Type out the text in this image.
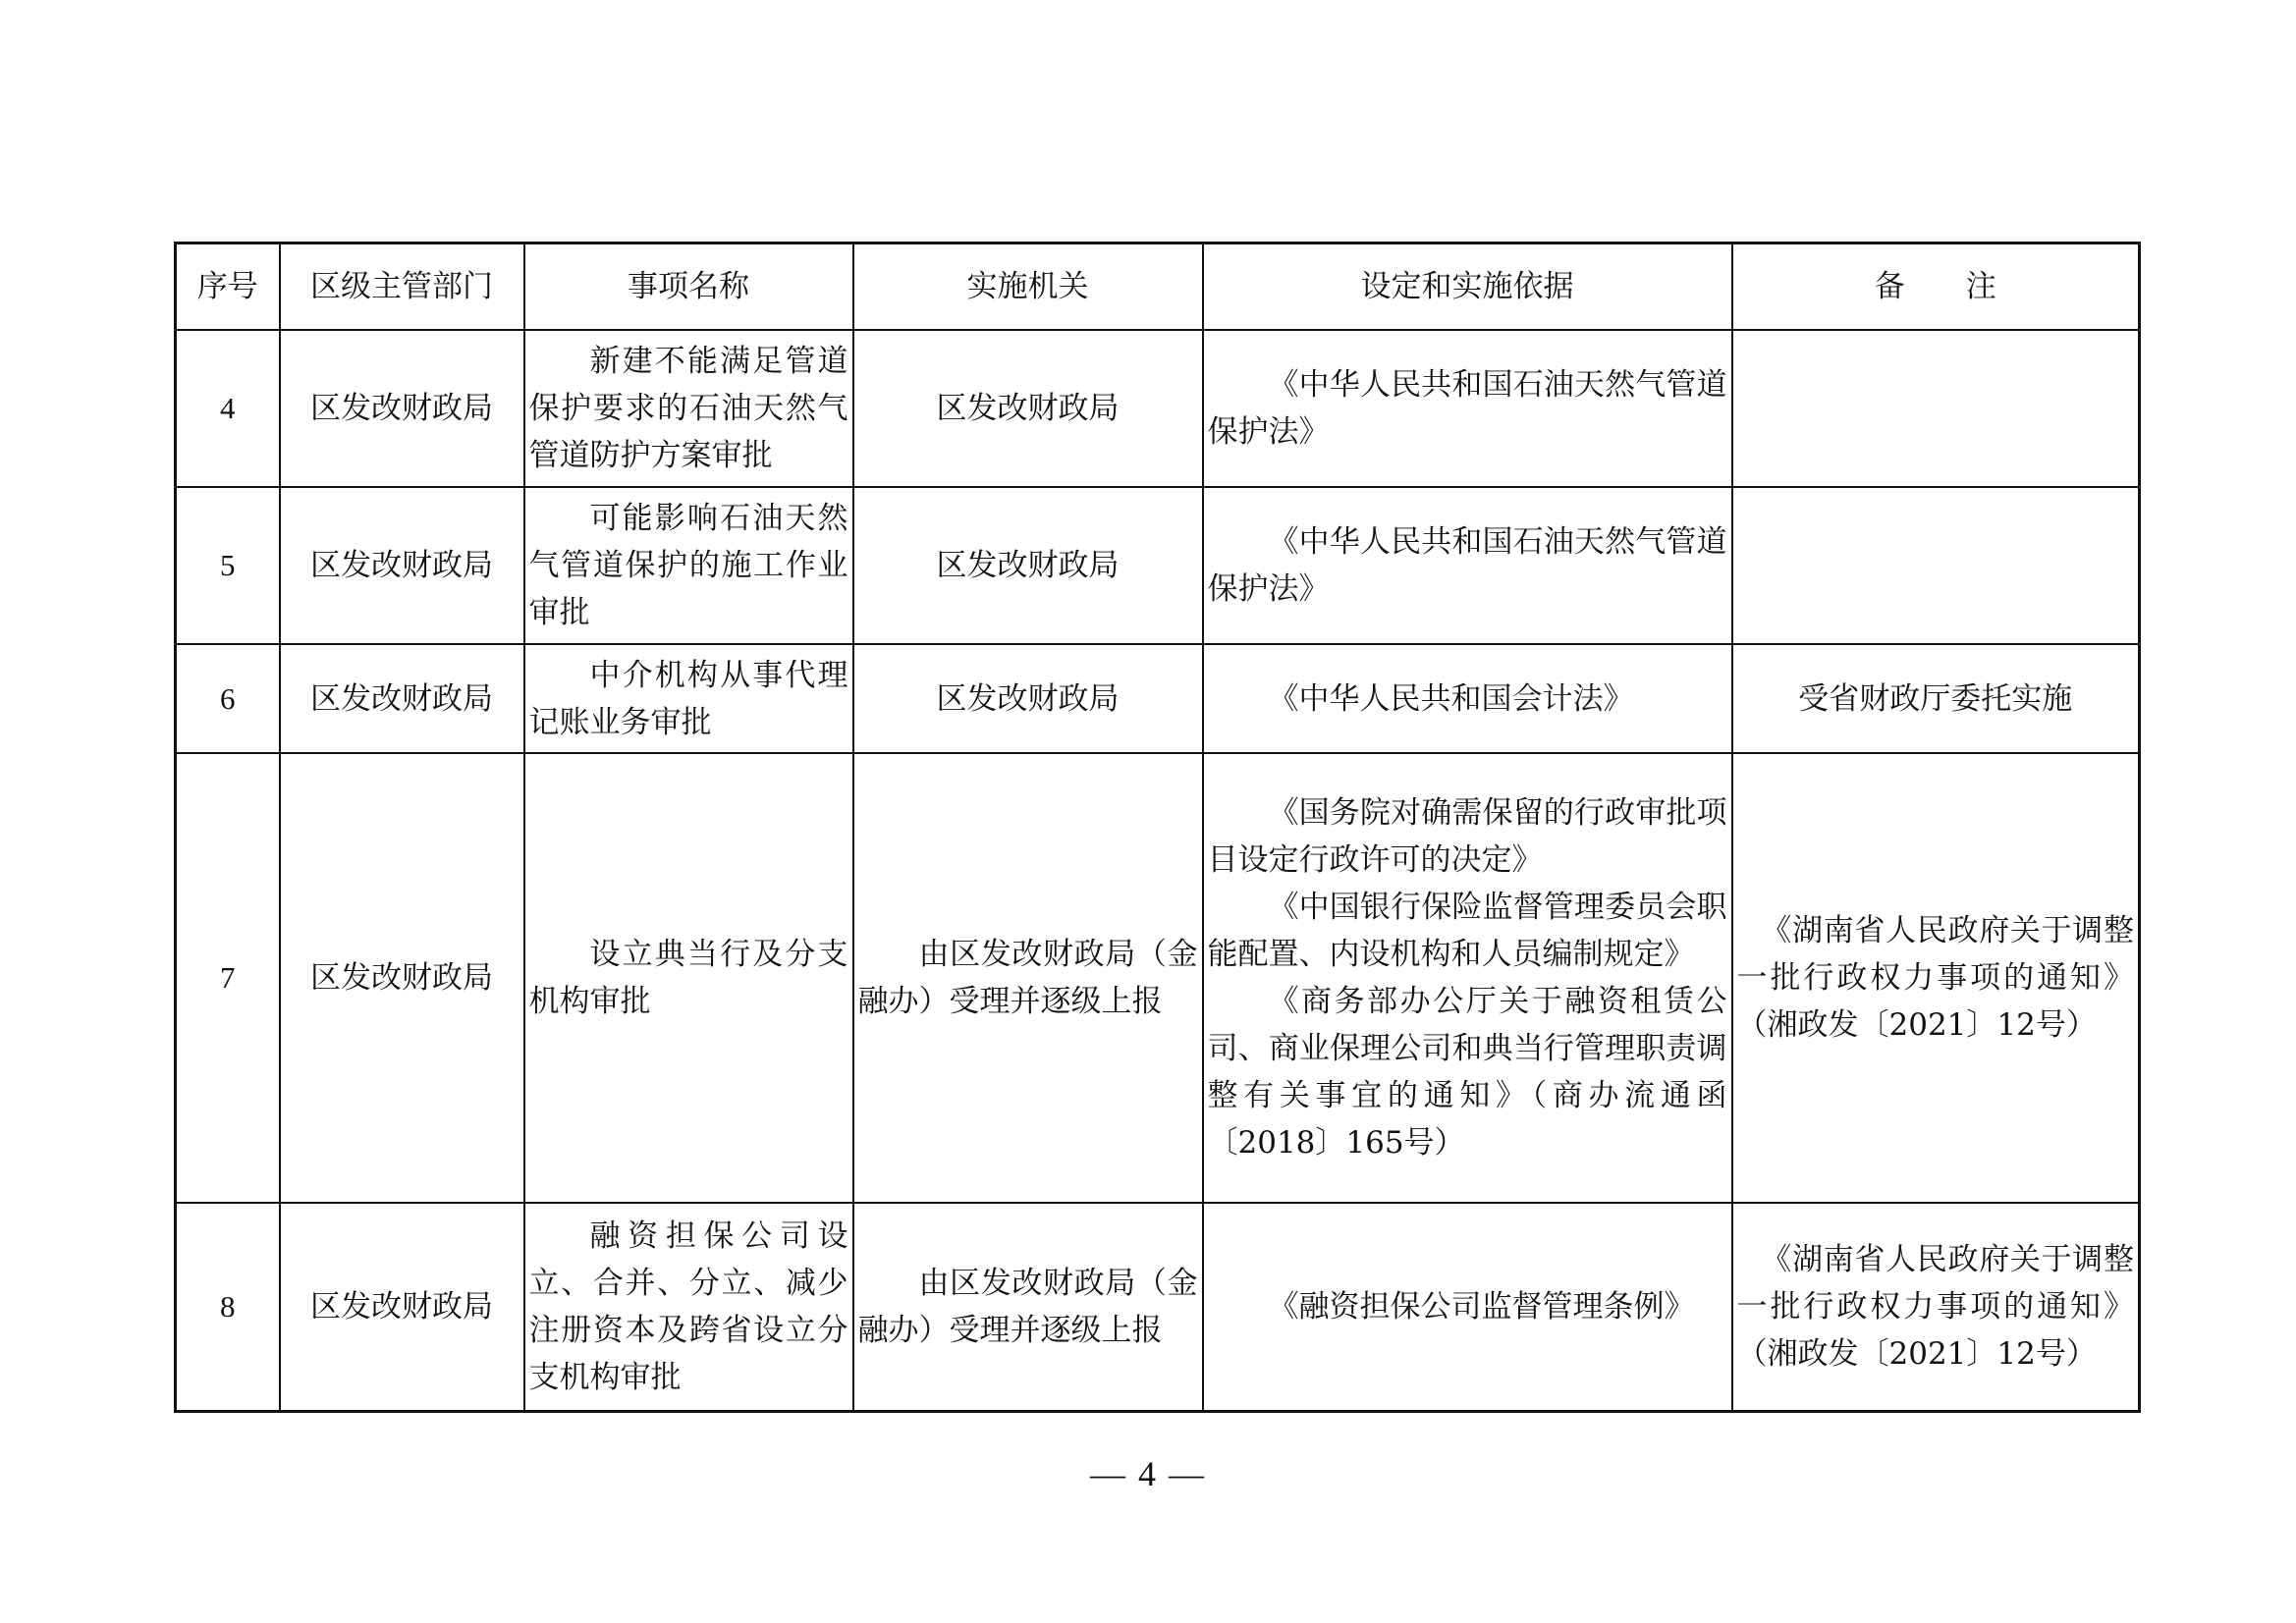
序号	区级主管部门	事项名称	实施机关	设定和实施依据	备　　注
4	区发改财政局	新建不能满足管道保护要求的石油天然气管道防护方案审批	区发改财政局	《中华人民共和国石油天然气管道保护法》	

5	区发改财政局	可能影响石油天然气管道保护的施工作业审批	区发改财政局	《中华人民共和国石油天然气管道保护法》	

6	区发改财政局	中介机构从事代理记账业务审批	区发改财政局	《中华人民共和国会计法》	受省财政厅委托实施
7	区发改财政局	设立典当行及分支机构审批	由区发改财政局（金融办）受理并逐级上报	《国务院对确需保留的行政审批项目设定行政许可的决定》
《中国银行保险监督管理委员会职能配置、内设机构和人员编制规定》
《商务部办公厅关于融资租赁公司、商业保理公司和典当行管理职责调整有关事宜的通知》（商办流通函〔2018〕165号）	《湖南省人民政府关于调整一批行政权力事项的通知》（湘政发〔2021〕12号）
8	区发改财政局	融资担保公司设立、合并、分立、减少注册资本及跨省设立分支机构审批	由区发改财政局（金融办）受理并逐级上报	《融资担保公司监督管理条例》	《湖南省人民政府关于调整一批行政权力事项的通知》（湘政发〔2021〕12号）
— 4 —
